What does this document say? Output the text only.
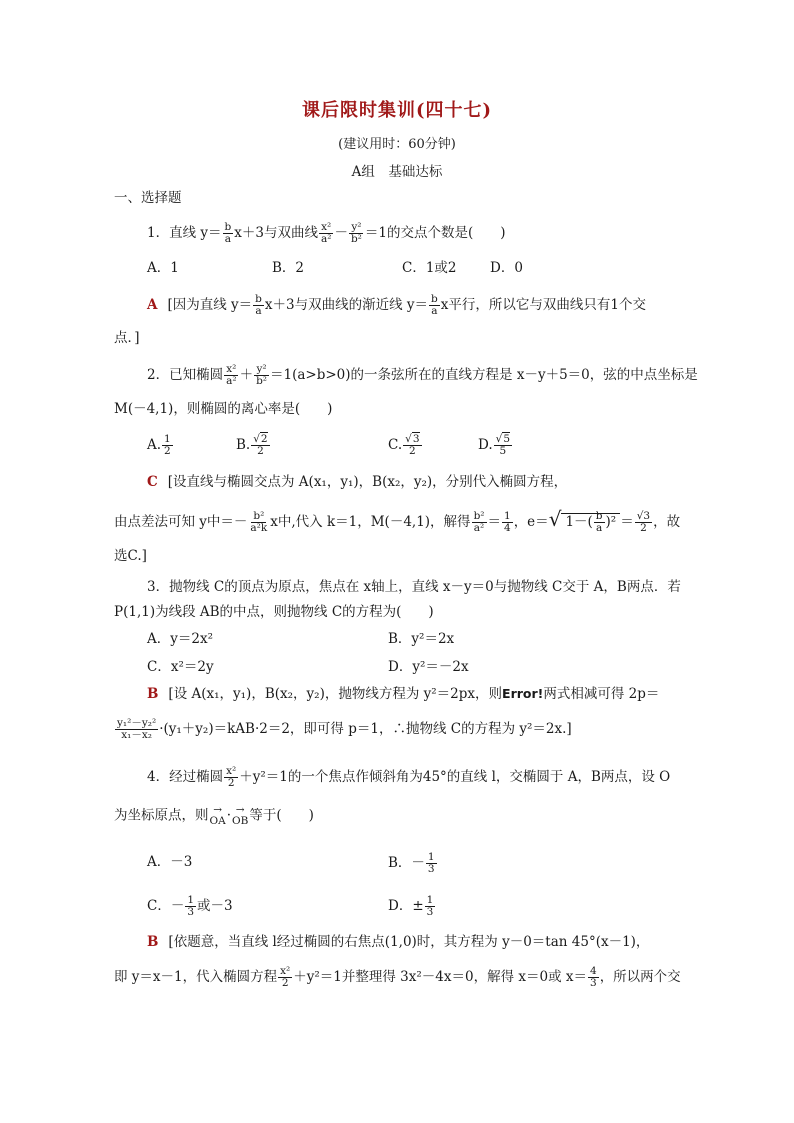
课后限时集训(四十七)
(建议用时：60分钟)
A组　基础达标
一、选择题
1．直线 $y= \frac{b}{a} x+3$与双曲线 $\frac{\text{x²}}{\text{a²}} - \frac{\text{y²}}{\text{b²}} =1$的交点个数是(　　)
A．1	B．2	C．1或2 D．0
A [因为直线 $y= \frac{b}{a} x+3$与双曲线的渐近线 $y= \frac{b}{a}$ x平行，所以它与双曲线只有1个交
点．]
2．已知椭圆 $\frac{\text{x²}}{\text{a²}} + \frac{\text{y²}}{\text{b²}} =1(a>b>0)$的一条弦所在的直线方程是 x－y＋5＝0，弦的中点坐标是
M(－4,1)，则椭圆的离心率是(　　)
A. $\frac{1}{2}$	B. $\frac{√2}{2}$	C. $\frac{√3}{2}$	D. $\frac{√5}{5}$
C [设直线与椭圆交点为 A(x₁，y₁)，B(x₂，y₂)，分别代入椭圆方程，
由点差法可知 y中＝－ $\frac{\text{b²}}{\text{a²k}}$ x中,代入 k＝1，M(－4,1)，解得 $\frac{\text{b²}}{\text{a²}} = \frac{1}{4}$ ，e＝√ $1-( \frac{b}{a} )^2 = \frac{√3}{2}$ ，故
选C.]
3．抛物线 C的顶点为原点，焦点在 x轴上，直线 x－y＝0与抛物线 C交于 A，B两点．若
P(1,1)为线段 AB的中点，则抛物线 C的方程为(　　)
A．y＝2x²	B．y²＝2x
C．x²＝2y	D．y²＝－2x
B [设 A(x₁，y₁)，B(x₂，y₂)，抛物线方程为 y²＝2px，则Error!两式相减可得 2p＝
$\frac{\text{y₁²－y₂²}}{\text{x₁－x₂}} \cdot(y_1+y_2)=kAB\cdot 2=2$，即可得 p＝1，∴抛物线 C的方程为 y²＝2x.]
4．经过椭圆 $\frac{\text{x²}}{2} +y^2=1$的一个焦点作倾斜角为45°的直线 l，交椭圆于 A，B两点，设 O
为坐标原点，则 →
OA · →
OB 等于(　　)
A．－3	B．－ $\frac{1}{3}$
C．－ $\frac{1}{3}$ 或－3	D．± $\frac{1}{3}$
B [依题意，当直线 l经过椭圆的右焦点(1,0)时，其方程为 y－0＝tan 45°(x－1)，
即 y＝x－1，代入椭圆方程 $\frac{\text{x²}}{2} +y^2=1$并整理得 3x²－4x＝0，解得 x＝0或 $x= \frac{4}{3}$ ，所以两个交
